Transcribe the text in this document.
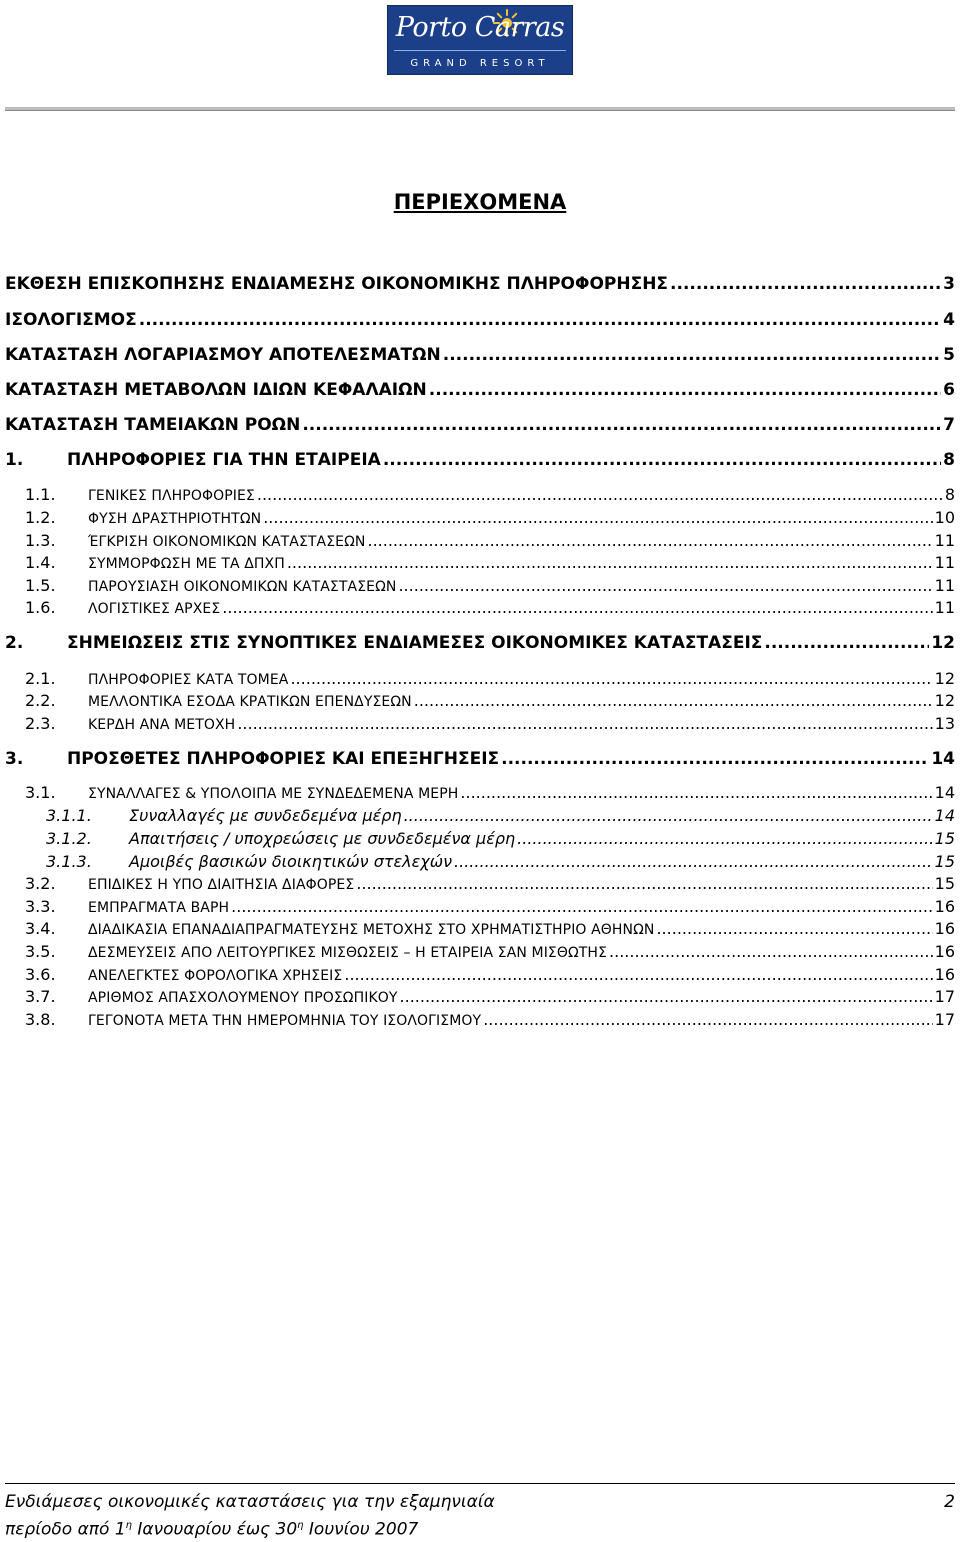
Porto Carras
GRAND RESORT
ΠΕΡΙΕΧΟΜΕΝΑ
ΕΚΘΕΣΗ ΕΠΙΣΚΟΠΗΣΗΣ ΕΝΔΙΑΜΕΣΗΣ ΟΙΚΟΝΟΜΙΚΗΣ ΠΛΗΡΟΦΟΡΗΣΗΣ .....	3
ΙΣΟΛΟΓΙΣΜΟΣ .....	4
ΚΑΤΑΣΤΑΣΗ ΛΟΓΑΡΙΑΣΜΟΥ ΑΠΟΤΕΛΕΣΜΑΤΩΝ .....	5
ΚΑΤΑΣΤΑΣΗ ΜΕΤΑΒΟΛΩΝ ΙΔΙΩΝ ΚΕΦΑΛΑΙΩΝ .....	6
ΚΑΤΑΣΤΑΣΗ ΤΑΜΕΙΑΚΩΝ ΡΟΩΝ .....	7
1.	ΠΛΗΡΟΦΟΡΙΕΣ ΓΙΑ ΤΗΝ ΕΤΑΙΡΕΙΑ .....	8
1.1.	ΓΕΝΙΚΕΣ ΠΛΗΡΟΦΟΡΙΕΣ .....	8
1.2.	ΦΥΣΗ ΔΡΑΣΤΗΡΙΟΤΗΤΩΝ .....	10
1.3.	ΈΓΚΡΙΣΗ ΟΙΚΟΝΟΜΙΚΩΝ ΚΑΤΑΣΤΑΣΕΩΝ .....	11
1.4.	ΣΥΜΜΟΡΦΩΣΗ ΜΕ ΤΑ ΔΠΧΠ .....	11
1.5.	ΠΑΡΟΥΣΙΑΣΗ ΟΙΚΟΝΟΜΙΚΩΝ ΚΑΤΑΣΤΑΣΕΩΝ .....	11
1.6.	ΛΟΓΙΣΤΙΚΕΣ ΑΡΧΕΣ .....	11
2.	ΣΗΜΕΙΩΣΕΙΣ ΣΤΙΣ ΣΥΝΟΠΤΙΚΕΣ ΕΝΔΙΑΜΕΣΕΣ ΟΙΚΟΝΟΜΙΚΕΣ ΚΑΤΑΣΤΑΣΕΙΣ .....	12
2.1.	ΠΛΗΡΟΦΟΡΙΕΣ ΚΑΤΑ ΤΟΜΕΑ .....	12
2.2.	ΜΕΛΛΟΝΤΙΚΑ ΕΣΟΔΑ ΚΡΑΤΙΚΩΝ ΕΠΕΝΔΥΣΕΩΝ .....	12
2.3.	ΚΕΡΔΗ ΑΝΑ ΜΕΤΟΧΗ .....	13
3.	ΠΡΟΣΘΕΤΕΣ ΠΛΗΡΟΦΟΡΙΕΣ ΚΑΙ ΕΠΕΞΗΓΗΣΕΙΣ .....	14
3.1.	ΣΥΝΑΛΛΑΓΕΣ & ΥΠΟΛΟΙΠΑ ΜΕ ΣΥΝΔΕΔΕΜΕΝΑ ΜΕΡΗ .....	14
3.1.1.	Συναλλαγές με συνδεδεμένα μέρη .....	14
3.1.2.	Απαιτήσεις / υποχρεώσεις με συνδεδεμένα μέρη .....	15
3.1.3.	Αμοιβές βασικών διοικητικών στελεχών .....	15
3.2.	ΕΠΙΔΙΚΕΣ Η ΥΠΟ ΔΙΑΙΤΗΣΙΑ ΔΙΑΦΟΡΕΣ .....	15
3.3.	ΕΜΠΡΑΓΜΑΤΑ ΒΑΡΗ .....	16
3.4.	ΔΙΑΔΙΚΑΣΙΑ ΕΠΑΝΑΔΙΑΠΡΑΓΜΑΤΕΥΣΗΣ ΜΕΤΟΧΗΣ ΣΤΟ ΧΡΗΜΑΤΙΣΤΗΡΙΟ ΑΘΗΝΩΝ .....	16
3.5.	ΔΕΣΜΕΥΣΕΙΣ ΑΠΟ ΛΕΙΤΟΥΡΓΙΚΕΣ ΜΙΣΘΩΣΕΙΣ – Η ΕΤΑΙΡΕΙΑ ΣΑΝ ΜΙΣΘΩΤΗΣ .....	16
3.6.	ΑΝΕΛΕΓΚΤΕΣ ΦΟΡΟΛΟΓΙΚΑ ΧΡΗΣΕΙΣ .....	16
3.7.	ΑΡΙΘΜΟΣ ΑΠΑΣΧΟΛΟΥΜΕΝΟΥ ΠΡΟΣΩΠΙΚΟΥ .....	17
3.8.	ΓΕΓΟΝΟΤΑ ΜΕΤΑ ΤΗΝ ΗΜΕΡΟΜΗΝΙΑ ΤΟΥ ΙΣΟΛΟΓΙΣΜΟΥ .....	17
Ενδιάμεσες οικονομικές καταστάσεις για την εξαμηνιαία
περίοδο από $1^\eta$ Ιανουαρίου έως $30^\eta$ Ιουνίου 2007
2
